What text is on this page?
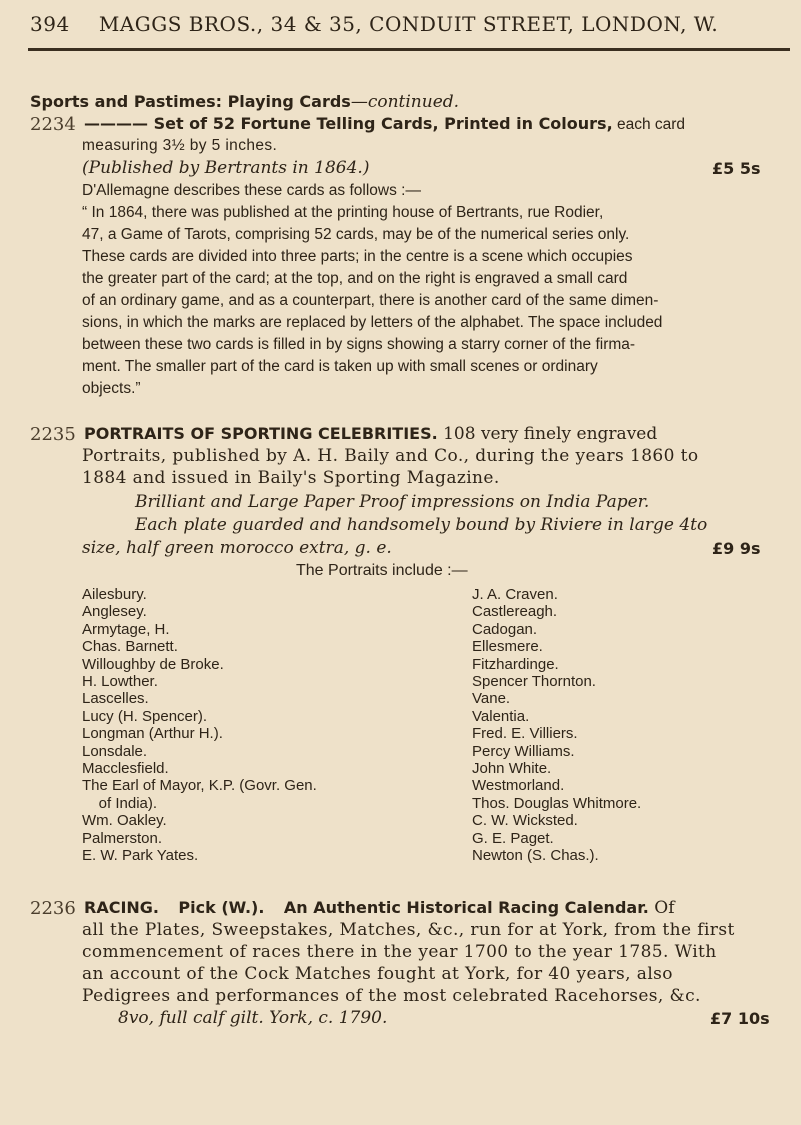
394 MAGGS BROS., 34 & 35, CONDUIT STREET, LONDON, W.
Sports and Pastimes: Playing Cards—continued.
2234 ———— Set of 52 Fortune Telling Cards, Printed in Colours, each card
measuring 3½ by 5 inches.
(Published by Bertrants in 1864.)	£5 5s
D'Allemagne describes these cards as follows :—
“ In 1864, there was published at the printing house of Bertrants, rue Rodier,
47, a Game of Tarots, comprising 52 cards, may be of the numerical series only.
These cards are divided into three parts; in the centre is a scene which occupies
the greater part of the card; at the top, and on the right is engraved a small card
of an ordinary game, and as a counterpart, there is another card of the same dimen-
sions, in which the marks are replaced by letters of the alphabet. The space included
between these two cards is filled in by signs showing a starry corner of the firma-
ment. The smaller part of the card is taken up with small scenes or ordinary
objects.”
2235 PORTRAITS OF SPORTING CELEBRITIES. 108 very finely engraved
Portraits, published by A. H. Baily and Co., during the years 1860 to
1884 and issued in Baily's Sporting Magazine.
Brilliant and Large Paper Proof impressions on India Paper.
Each plate guarded and handsomely bound by Riviere in large 4to
size, half green morocco extra, g. e.	£9 9s
The Portraits include :—
Ailesbury.
Anglesey.
Armytage, H.
Chas. Barnett.
Willoughby de Broke.
H. Lowther.
Lascelles.
Lucy (H. Spencer).
Longman (Arthur H.).
Lonsdale.
Macclesfield.
The Earl of Mayor, K.P. (Govr. Gen.
of India).
Wm. Oakley.
Palmerston.
E. W. Park Yates.
J. A. Craven.
Castlereagh.
Cadogan.
Ellesmere.
Fitzhardinge.
Spencer Thornton.
Vane.
Valentia.
Fred. E. Villiers.
Percy Williams.
John White.
Westmorland.
Thos. Douglas Whitmore.
C. W. Wicksted.
G. E. Paget.
Newton (S. Chas.).
2236 RACING. Pick (W.). An Authentic Historical Racing Calendar. Of
all the Plates, Sweepstakes, Matches, &c., run for at York, from the first
commencement of races there in the year 1700 to the year 1785. With
an account of the Cock Matches fought at York, for 40 years, also
Pedigrees and performances of the most celebrated Racehorses, &c.
8vo, full calf gilt. York, c. 1790.	£7 10s
